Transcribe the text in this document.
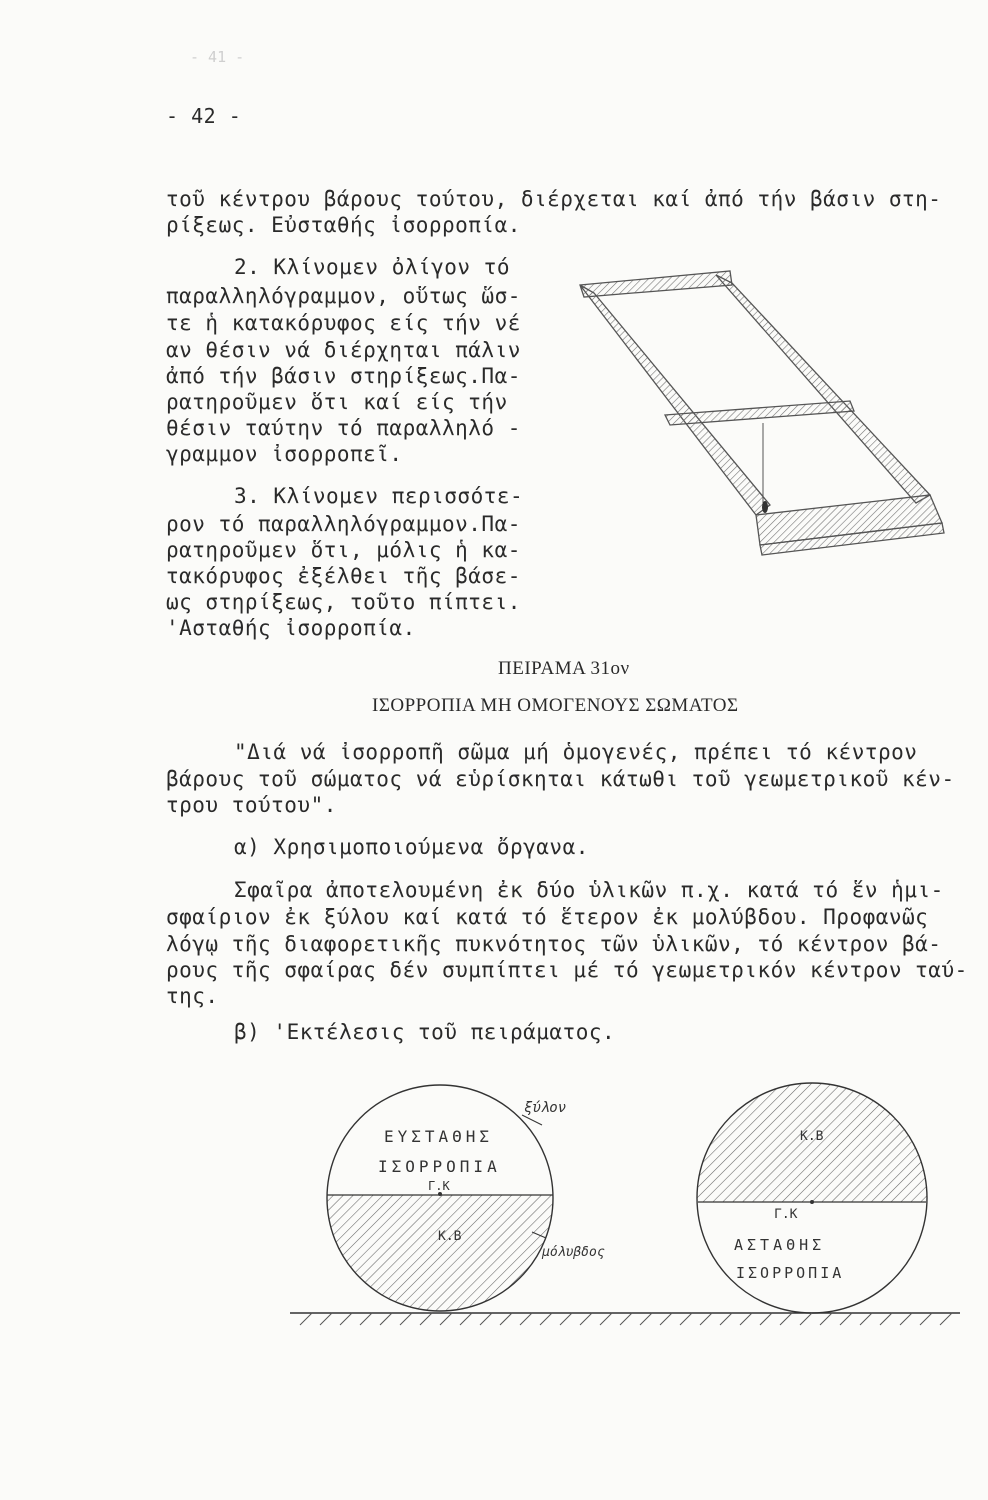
- 41 -
- 42 -
τοῦ κέντρου βάρους τούτου, διέρχεται καί ἀπό τήν βάσιν στη-
ρίξεως. Εὐσταθής ἰσορροπία.
2. Κλίνομεν ὀλίγον τό
παραλληλόγραμμον, οὕτως ὥσ-
τε ἡ κατακόρυφος είς τήν νέ
αν θέσιν νά διέρχηται πάλιν
ἀπό τήν βάσιν στηρίξεως.Πα-
ρατηροῦμεν ὅτι καί είς τήν
θέσιν ταύτην τό παραλληλό -
γραμμον ἰσορροπεῖ.
3. Κλίνομεν περισσότε-
ρον τό παραλληλόγραμμον.Πα-
ρατηροῦμεν ὅτι, μόλις ἡ κα-
τακόρυφος ἐξέλθει τῆς βάσε-
ως στηρίξεως, τοῦτο πίπτει.
'Ασταθής ἰσορροπία.
ΠΕΙΡΑΜΑ 31ον
ΙΣΟΡΡΟΠΙΑ ΜΗ ΟΜΟΓΕΝΟΥΣ ΣΩΜΑΤΟΣ
"Διά νά ἰσορροπῆ σῶμα μή ὁμογενές, πρέπει τό κέντρον
βάρους τοῦ σώματος νά εὑρίσκηται κάτωθι τοῦ γεωμετρικοῦ κέν-
τρου τούτου".
α) Χρησιμοποιούμενα ὄργανα.
Σφαῖρα ἀποτελουμένη ἐκ δύο ὑλικῶν π.χ. κατά τό ἕν ἡμι-
σφαίριον ἐκ ξύλου καί κατά τό ἕτερον ἐκ μολύβδου. Προφανῶς
λόγῳ τῆς διαφορετικῆς πυκνότητος τῶν ὑλικῶν, τό κέντρον βά-
ρους τῆς σφαίρας δέν συμπίπτει μέ τό γεωμετρικόν κέντρον ταύ-
της.
β) 'Εκτέλεσις τοῦ πειράματος.
ΕΥΣΤΑΘΗΣ
ΙΣΟΡΡΟΠΙΑ
ξύλον
μόλυβδος
Γ.Κ
Κ.Β
Κ.Β
Γ.Κ
ΑΣΤΑΘΗΣ
ΙΣΟΡΡΟΠΙΑ
